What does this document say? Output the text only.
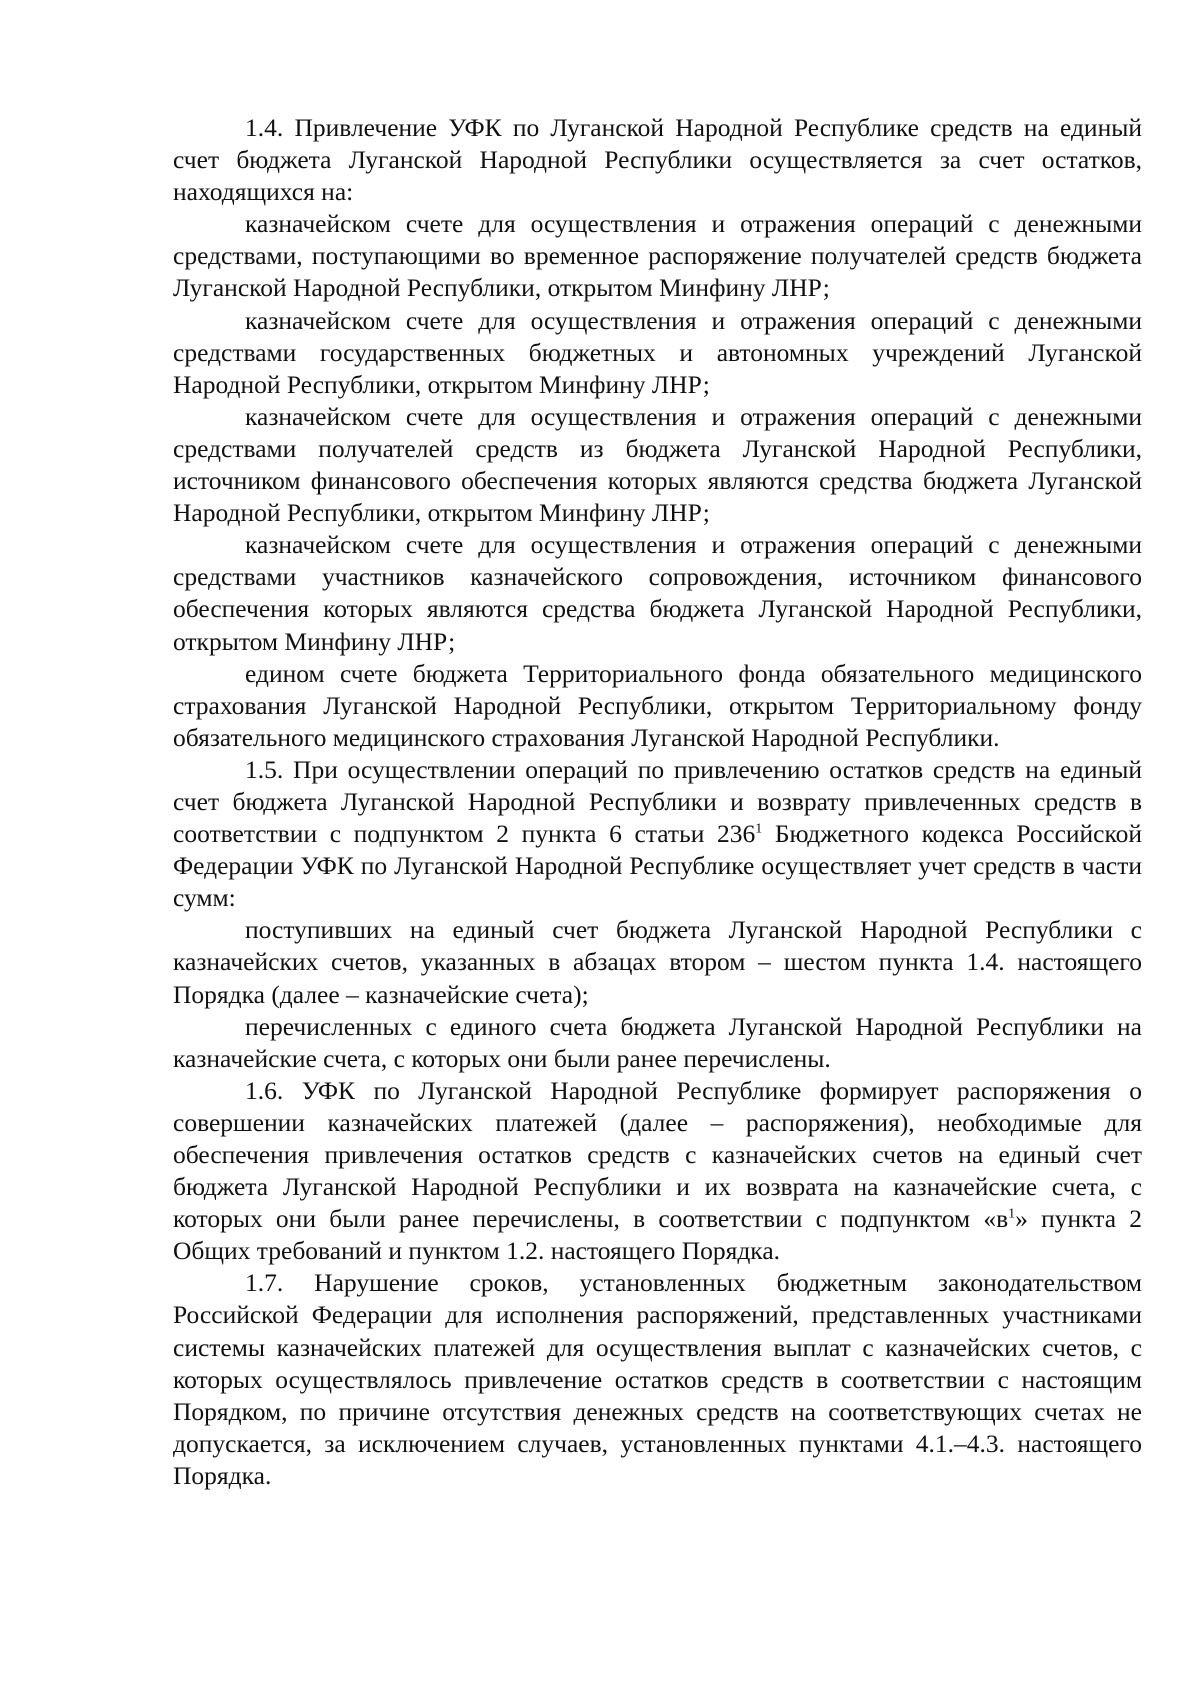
1.4. Привлечение УФК по Луганской Народной Республике средств на единый счет бюджета Луганской Народной Республики осуществляется за счет остатков, находящихся на:

казначейском счете для осуществления и отражения операций с денежными средствами, поступающими во временное распоряжение получателей средств бюджета Луганской Народной Республики, открытом Минфину ЛНР;

казначейском счете для осуществления и отражения операций с денежными средствами государственных бюджетных и автономных учреждений Луганской Народной Республики, открытом Минфину ЛНР;

казначейском счете для осуществления и отражения операций с денежными средствами получателей средств из бюджета Луганской Народной Республики, источником финансового обеспечения которых являются средства бюджета Луганской Народной Республики, открытом Минфину ЛНР;

казначейском счете для осуществления и отражения операций с денежными средствами участников казначейского сопровождения, источником финансового обеспечения которых являются средства бюджета Луганской Народной Республики, открытом Минфину ЛНР;

едином счете бюджета Территориального фонда обязательного медицинского страхования Луганской Народной Республики, открытом Территориальному фонду обязательного медицинского страхования Луганской Народной Республики.

1.5. При осуществлении операций по привлечению остатков средств на единый счет бюджета Луганской Народной Республики и возврату привлеченных средств в соответствии с подпунктом 2 пункта 6 статьи $236^1$ Бюджетного кодекса Российской Федерации УФК по Луганской Народной Республике осуществляет учет средств в части сумм:

поступивших на единый счет бюджета Луганской Народной Республики с казначейских счетов, указанных в абзацах втором – шестом пункта 1.4. настоящего Порядка (далее – казначейские счета);

перечисленных с единого счета бюджета Луганской Народной Республики на казначейские счета, с которых они были ранее перечислены.

1.6. УФК по Луганской Народной Республике формирует распоряжения о совершении казначейских платежей (далее – распоряжения), необходимые для обеспечения привлечения остатков средств с казначейских счетов на единый счет бюджета Луганской Народной Республики и их возврата на казначейские счета, с которых они были ранее перечислены, в соответствии с подпунктом «$в^1$» пункта 2 Общих требований и пунктом 1.2. настоящего Порядка.

1.7. Нарушение сроков, установленных бюджетным законодательством Российской Федерации для исполнения распоряжений, представленных участниками системы казначейских платежей для осуществления выплат с казначейских счетов, с которых осуществлялось привлечение остатков средств в соответствии с настоящим Порядком, по причине отсутствия денежных средств на соответствующих счетах не допускается, за исключением случаев, установленных пунктами 4.1.–4.3. настоящего Порядка.
